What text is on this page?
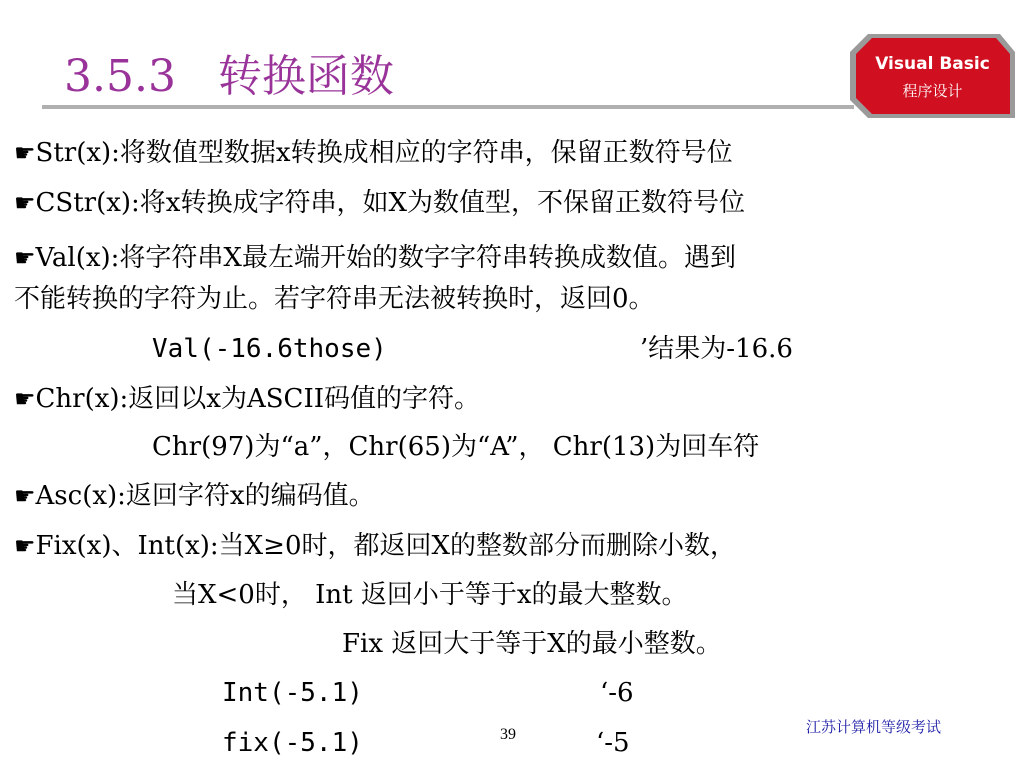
3.5.3   转换函数	Visual Basic
程序设计
☛Str(x):将数值型数据x转换成相应的字符串，保留正数符号位
☛CStr(x):将x转换成字符串，如X为数值型，不保留正数符号位
☛Val(x):将字符串X最左端开始的数字字符串转换成数值。遇到
不能转换的字符为止。若字符串无法被转换时，返回0。
Val(-16.6those)	’结果为-16.6
☛Chr(x):返回以x为ASCII码值的字符。
Chr(97)为“a”，Chr(65)为“A”， Chr(13)为回车符
☛Asc(x):返回字符x的编码值。
☛Fix(x)、Int(x):当X≥0时，都返回X的整数部分而删除小数，
当X<0时， Int 返回小于等于x的最大整数。
Fix 返回大于等于X的最小整数。
Int(-5.1)	‘-6
fix(-5.1)	‘-5
39	江苏计算机等级考试
